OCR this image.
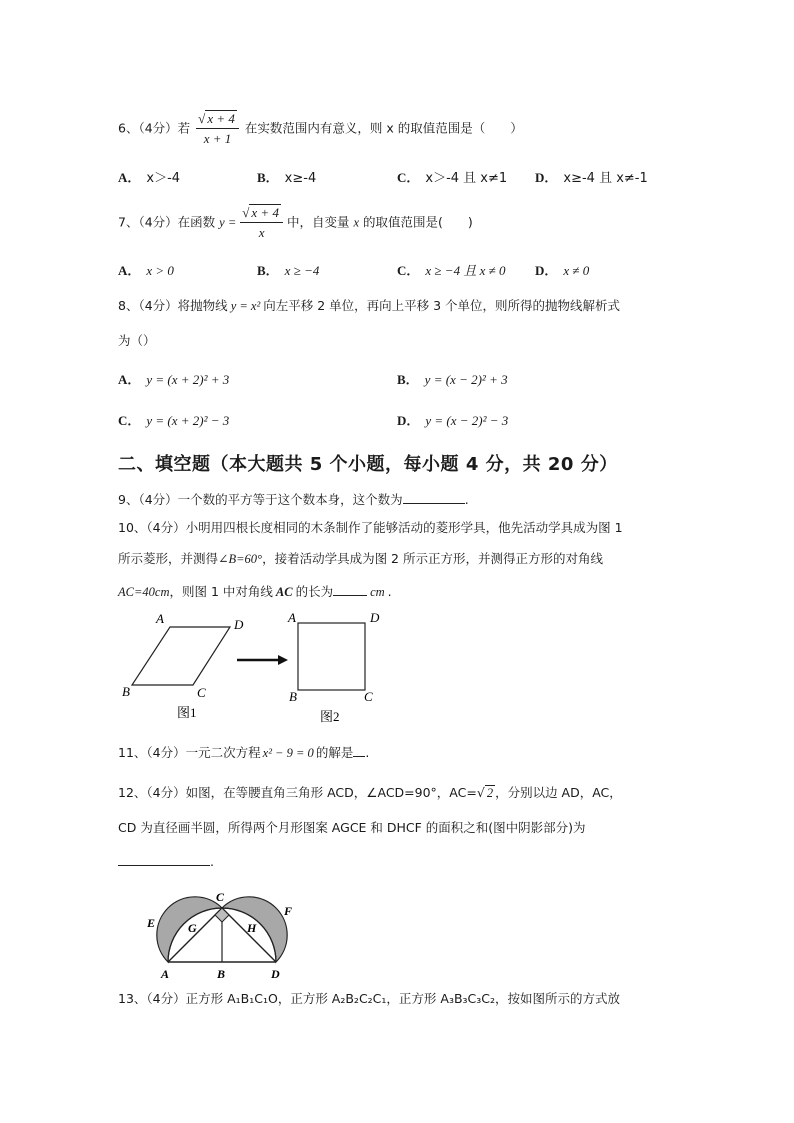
6、（4分）若 $\frac{√ x + 4}{x + 1}$ 在实数范围内有意义，则 x 的取值范围是（　　）
A． x＞-4	B． x≥-4	C． x＞-4 且 x≠1 D． x≥-4 且 x≠-1
7、（4分）在函数 $y = \frac{√ x + 4}{x}$ 中，自变量 x 的取值范围是(　　)
A． x > 0	B． x ≥ −4	C． x ≥ −4 且 x ≠ 0 D． x ≠ 0
8、（4分）将抛物线 y = x² 向左平移 2 单位，再向上平移 3 个单位，则所得的抛物线解析式
为（）
A． y = (x + 2)² + 3	B． y = (x − 2)² + 3
C． y = (x + 2)² − 3	D． y = (x − 2)² − 3
二、填空题（本大题共 5 个小题，每小题 4 分，共 20 分）
9、（4分）一个数的平方等于这个数本身，这个数为	.
10、（4分）小明用四根长度相同的木条制作了能够活动的菱形学具，他先活动学具成为图 1
所示菱形，并测得∠B=60°，接着活动学具成为图 2 所示正方形，并测得正方形的对角线
AC=40cm，则图 1 中对角线 AC 的长为	cm .
A	D
B	C
图1
A	D
B	C
图2
11、（4分）一元二次方程 x² − 9 = 0 的解是 .
12、（4分）如图，在等腰直角三角形 ACD，∠ACD=90°，AC=√ 2 ，分别以边 AD，AC，
CD 为直径画半圆，所得两个月形图案 AGCE 和 DHCF 的面积之和(图中阴影部分)为
.
C
E
F
G	H
A	B	D
13、（4分）正方形 A₁B₁C₁O，正方形 A₂B₂C₂C₁，正方形 A₃B₃C₃C₂，按如图所示的方式放
